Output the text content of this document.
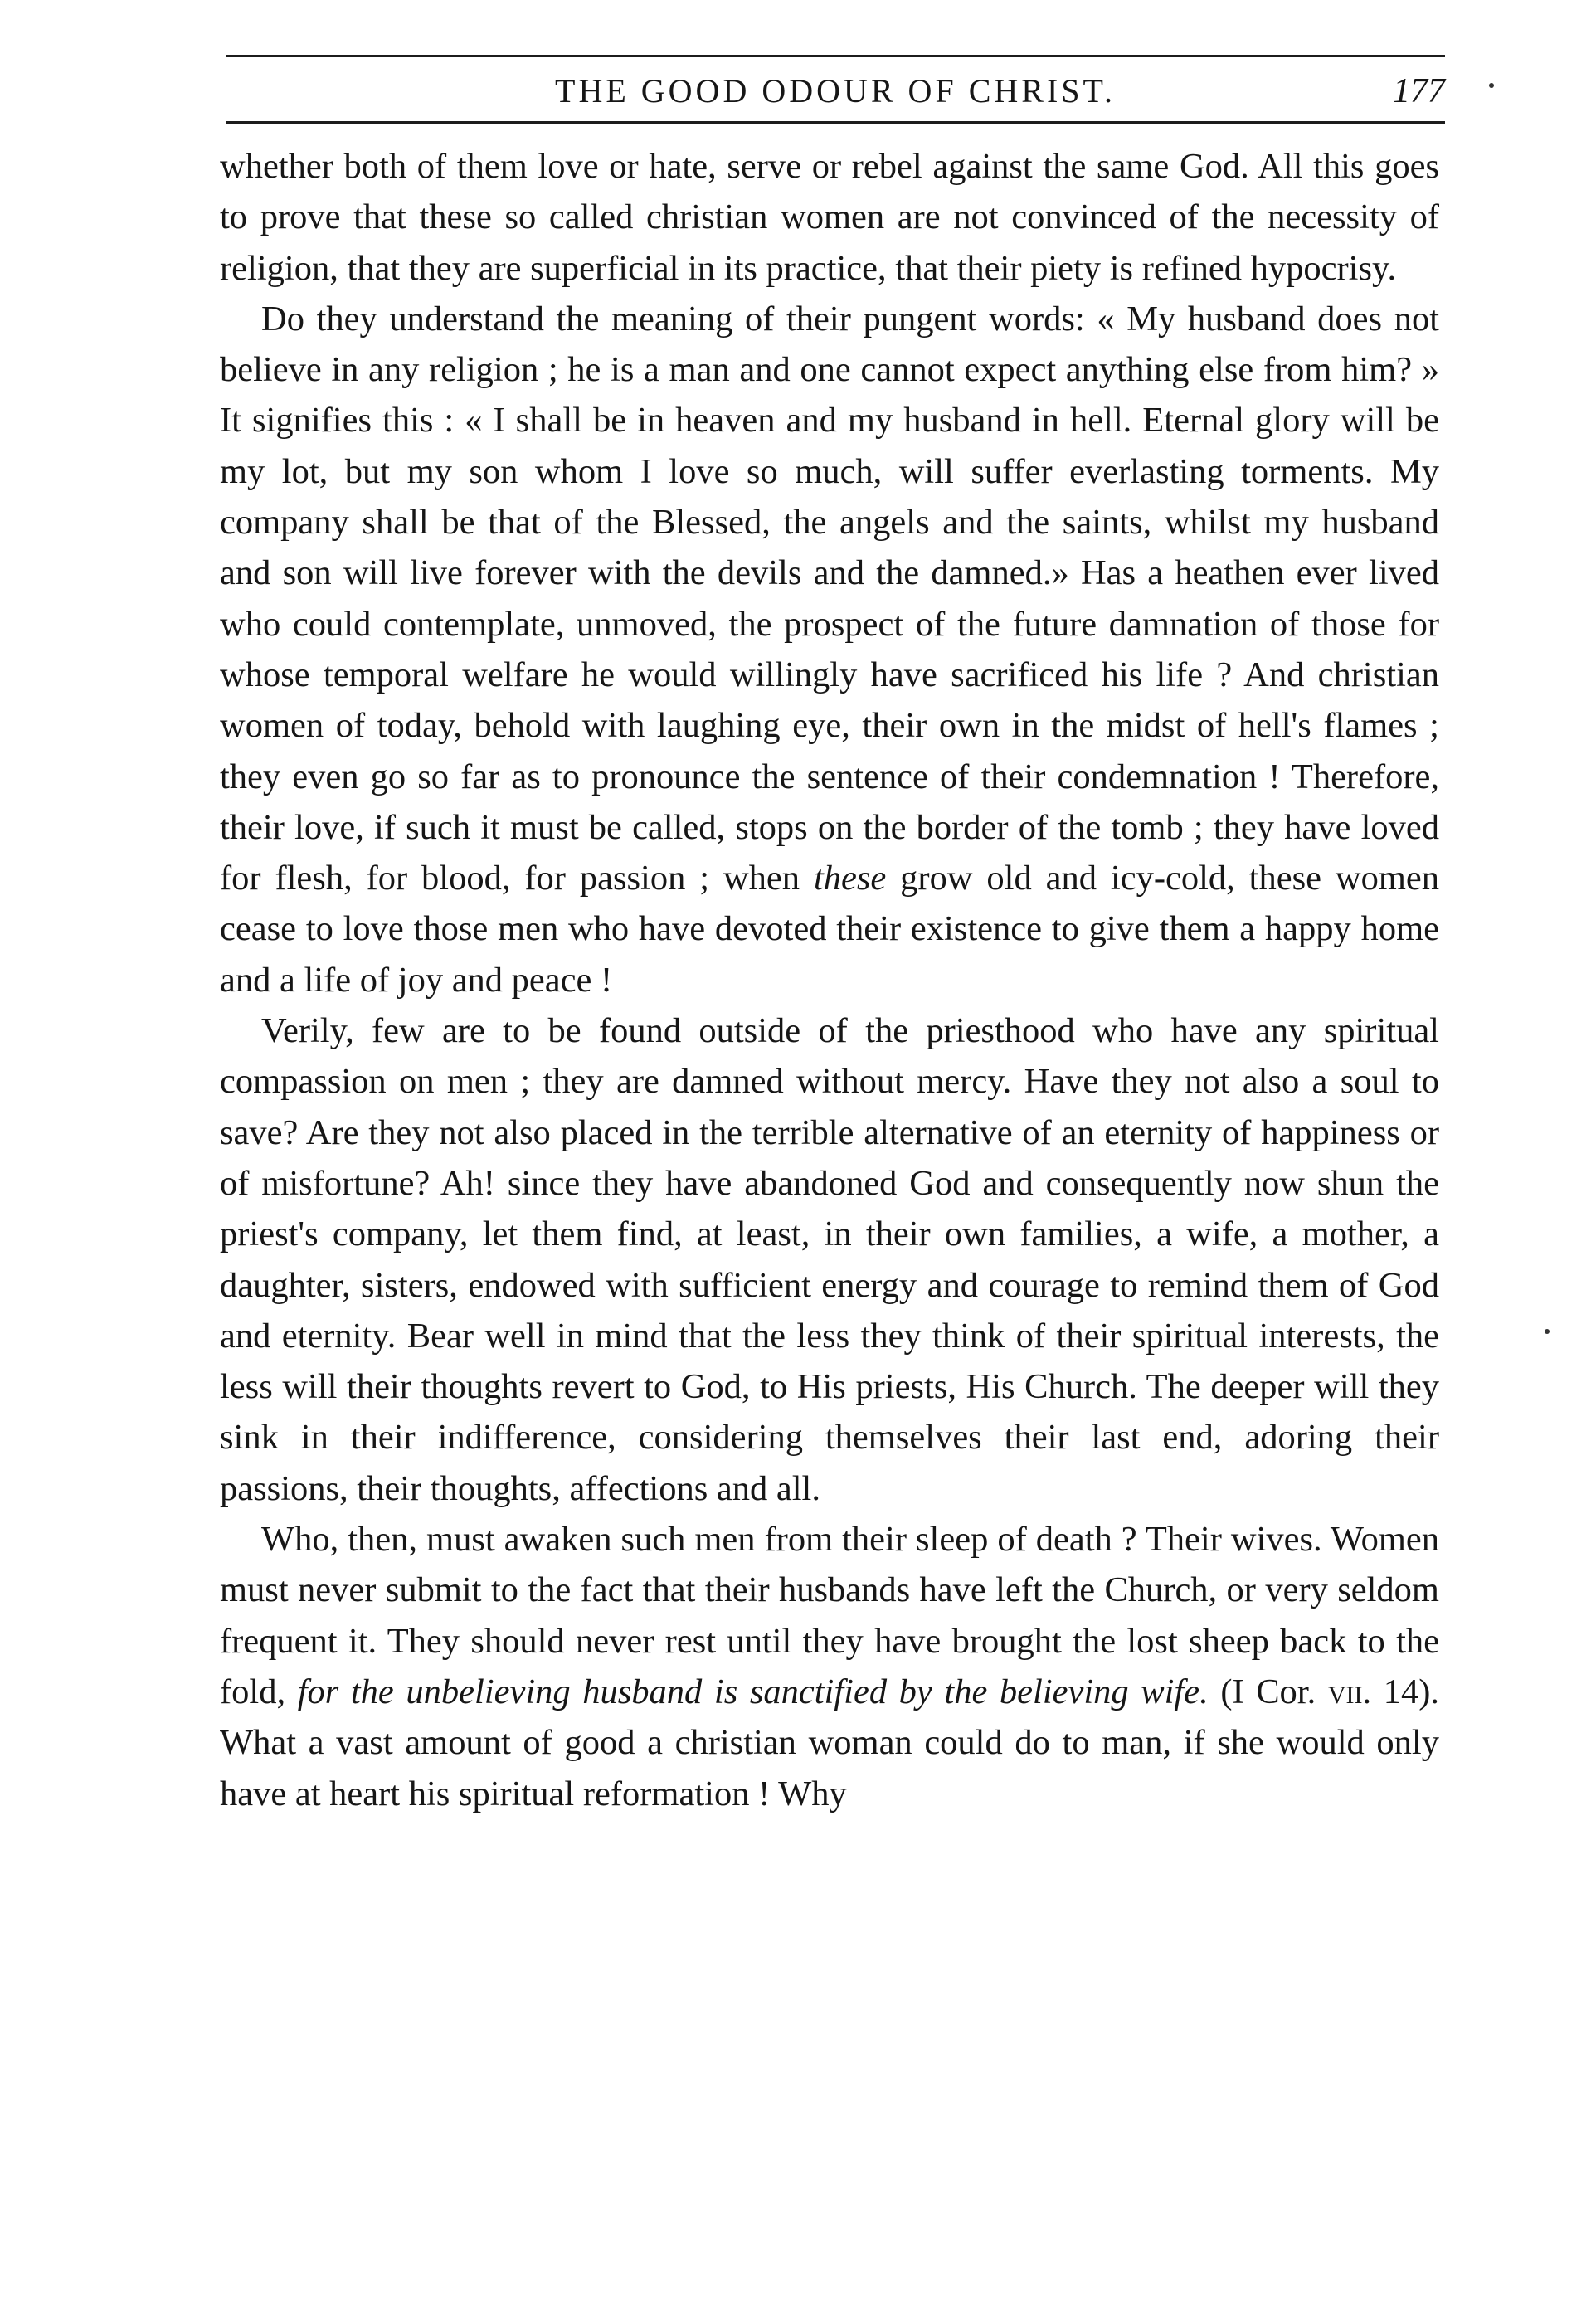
THE GOOD ODOUR OF CHRIST.	177

whether both of them love or hate, serve or rebel against the same God. All this goes to prove that these so called christian women are not convinced of the necessity of religion, that they are superficial in its practice, that their piety is refined hypocrisy.

Do they understand the meaning of their pungent words: « My husband does not believe in any religion ; he is a man and one cannot expect anything else from him? » It signifies this : « I shall be in heaven and my husband in hell. Eternal glory will be my lot, but my son whom I love so much, will suffer everlasting torments. My company shall be that of the Blessed, the angels and the saints, whilst my husband and son will live forever with the devils and the damned.» Has a heathen ever lived who could contemplate, unmoved, the prospect of the future damnation of those for whose temporal welfare he would willingly have sacrificed his life ? And christian women of today, behold with laughing eye, their own in the midst of hell's flames ; they even go so far as to pronounce the sentence of their condemnation ! Therefore, their love, if such it must be called, stops on the border of the tomb ; they have loved for flesh, for blood, for passion ; when these grow old and icy-cold, these women cease to love those men who have devoted their existence to give them a happy home and a life of joy and peace !

Verily, few are to be found outside of the priesthood who have any spiritual compassion on men ; they are damned without mercy. Have they not also a soul to save? Are they not also placed in the terrible alternative of an eternity of happiness or of misfortune? Ah! since they have abandoned God and consequently now shun the priest's company, let them find, at least, in their own families, a wife, a mother, a daughter, sisters, endowed with sufficient energy and courage to remind them of God and eternity. Bear well in mind that the less they think of their spiritual interests, the less will their thoughts revert to God, to His priests, His Church. The deeper will they sink in their indifference, considering themselves their last end, adoring their passions, their thoughts, affections and all.

Who, then, must awaken such men from their sleep of death ? Their wives. Women must never submit to the fact that their husbands have left the Church, or very seldom frequent it. They should never rest until they have brought the lost sheep back to the fold, for the unbelieving husband is sanctified by the believing wife. (I Cor. vii. 14). What a vast amount of good a christian woman could do to man, if she would only have at heart his spiritual reformation ! Why
